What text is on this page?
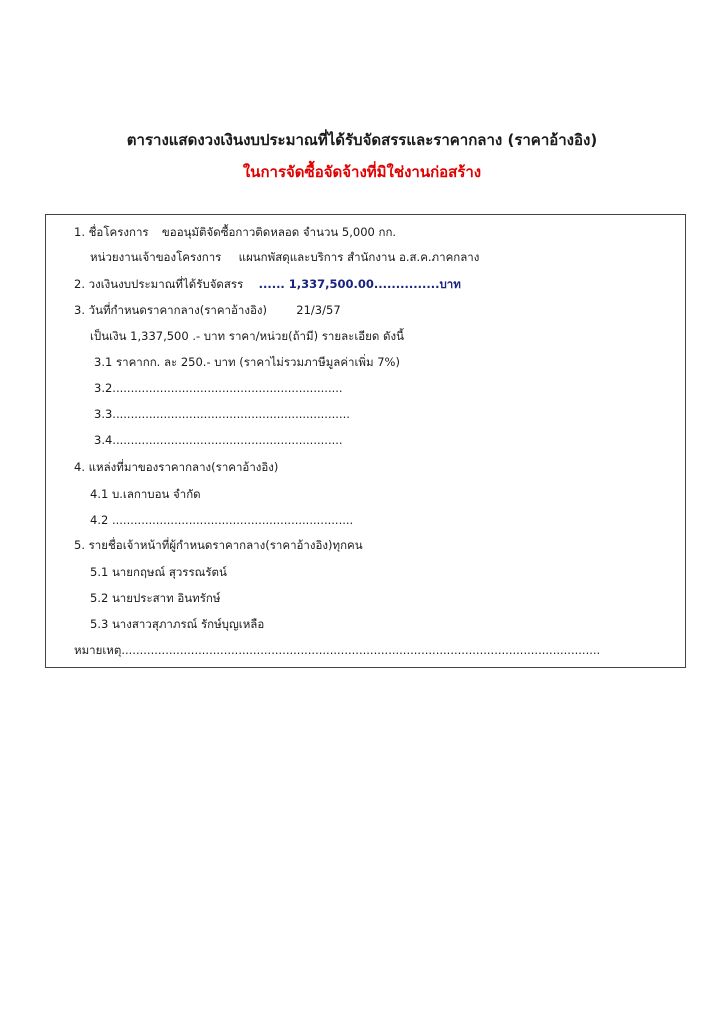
ตารางแสดงวงเงินงบประมาณที่ได้รับจัดสรรและราคากลาง (ราคาอ้างอิง)
ในการจัดซื้อจัดจ้างที่มิใช่งานก่อสร้าง
1. ชื่อโครงการ ขออนุมัติจัดซื้อกาวติดหลอด จำนวน 5,000 กก.
หน่วยงานเจ้าของโครงการ แผนกพัสดุและบริการ สำนักงาน อ.ส.ค.ภาคกลาง
2. วงเงินงบประมาณที่ได้รับจัดสรร ...... 1,337,500.00...............บาท
3. วันที่กำหนดราคากลาง(ราคาอ้างอิง)	21/3/57
เป็นเงิน 1,337,500 .- บาท ราคา/หน่วย(ถ้ามี) รายละเอียด ดังนี้
3.1 ราคากก. ละ 250.- บาท (ราคาไม่รวมภาษีมูลค่าเพิ่ม 7%)
3.2...............................................................
3.3.................................................................
3.4...............................................................
4. แหล่งที่มาของราคากลาง(ราคาอ้างอิง)
4.1 บ.เลกาบอน จำกัด
4.2 ..................................................................
5. รายชื่อเจ้าหน้าที่ผู้กำหนดราคากลาง(ราคาอ้างอิง)ทุกคน
5.1 นายกฤษณ์ สุวรรณรัตน์
5.2 นายประสาท อินทรักษ์
5.3 นางสาวสุภาภรณ์ รักษ์บุญเหลือ
หมายเหตุ...................................................................................................................................
